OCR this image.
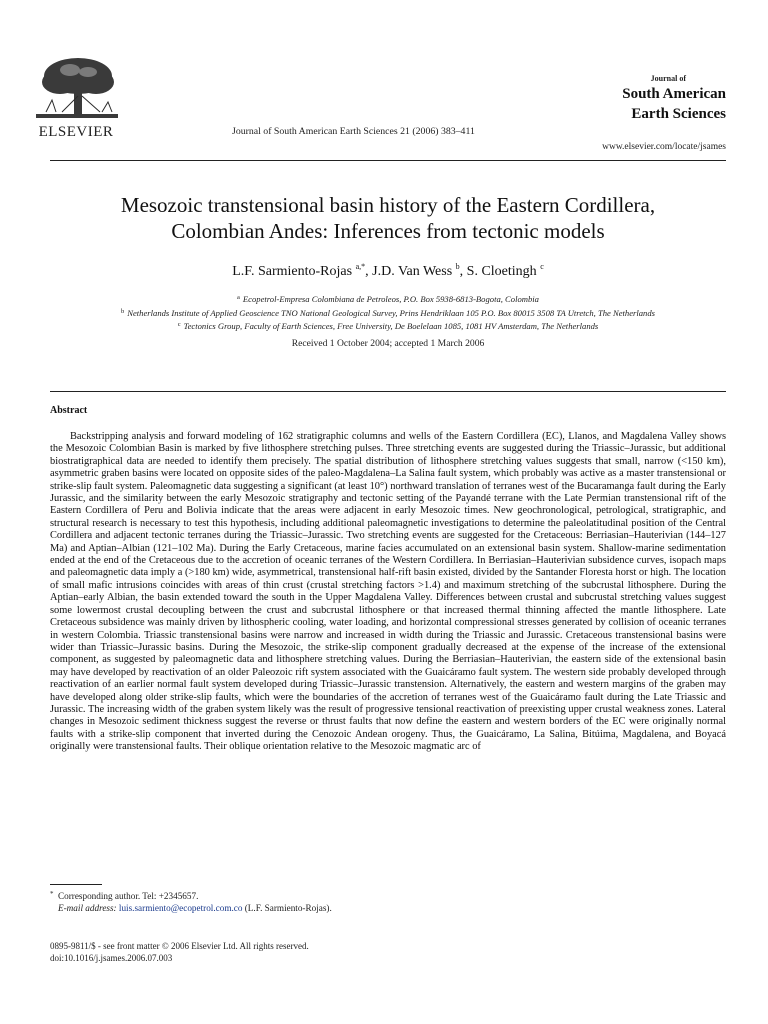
ELSEVIER	Journal of South American Earth Sciences 21 (2006) 383–411
Journal of
South American
Earth Sciences
www.elsevier.com/locate/jsames
Mesozoic transtensional basin history of the Eastern Cordillera,
Colombian Andes: Inferences from tectonic models
L.F. Sarmiento-Rojas $^{a,*}$, J.D. Van Wess $^b$, S. Cloetingh $^c$
$^a$ Ecopetrol-Empresa Colombiana de Petroleos, P.O. Box 5938-6813-Bogota, Colombia
$^b$ Netherlands Institute of Applied Geoscience TNO National Geological Survey, Prins Hendriklaan 105 P.O. Box 80015 3508 TA Utretch, The Netherlands
$^c$ Tectonics Group, Faculty of Earth Sciences, Free University, De Boelelaan 1085, 1081 HV Amsterdam, The Netherlands
Received 1 October 2004; accepted 1 March 2006
Abstract
Backstripping analysis and forward modeling of 162 stratigraphic columns and wells of the Eastern Cordillera (EC), Llanos, and Magdalena Valley shows the Mesozoic Colombian Basin is marked by five lithosphere stretching pulses. Three stretching events are suggested during the Triassic–Jurassic, but additional biostratigraphical data are needed to identify them precisely. The spatial distribution of lithosphere stretching values suggests that small, narrow (<150 km), asymmetric graben basins were located on opposite sides of the paleo-Magdalena–La Salina fault system, which probably was active as a master transtensional or strike-slip fault system. Paleomagnetic data suggesting a significant (at least 10°) northward translation of terranes west of the Bucaramanga fault during the Early Jurassic, and the similarity between the early Mesozoic stratigraphy and tectonic setting of the Payandé terrane with the Late Permian transtensional rift of the Eastern Cordillera of Peru and Bolivia indicate that the areas were adjacent in early Mesozoic times. New geochronological, petrological, stratigraphic, and structural research is necessary to test this hypothesis, including additional paleomagnetic investigations to determine the paleolatitudinal position of the Central Cordillera and adjacent tectonic terranes during the Triassic–Jurassic. Two stretching events are suggested for the Cretaceous: Berriasian–Hauterivian (144–127 Ma) and Aptian–Albian (121–102 Ma). During the Early Cretaceous, marine facies accumulated on an extensional basin system. Shallow-marine sedimentation ended at the end of the Cretaceous due to the accretion of oceanic terranes of the Western Cordillera. In Berriasian–Hauterivian subsidence curves, isopach maps and paleomagnetic data imply a (>180 km) wide, asymmetrical, transtensional half-rift basin existed, divided by the Santander Floresta horst or high. The location of small mafic intrusions coincides with areas of thin crust (crustal stretching factors >1.4) and maximum stretching of the subcrustal lithosphere. During the Aptian–early Albian, the basin extended toward the south in the Upper Magdalena Valley. Differences between crustal and subcrustal stretching values suggest some lowermost crustal decoupling between the crust and subcrustal lithosphere or that increased thermal thinning affected the mantle lithosphere. Late Cretaceous subsidence was mainly driven by lithospheric cooling, water loading, and horizontal compressional stresses generated by collision of oceanic terranes in western Colombia. Triassic transtensional basins were narrow and increased in width during the Triassic and Jurassic. Cretaceous transtensional basins were wider than Triassic–Jurassic basins. During the Mesozoic, the strike-slip component gradually decreased at the expense of the increase of the extensional component, as suggested by paleomagnetic data and lithosphere stretching values. During the Berriasian–Hauterivian, the eastern side of the extensional basin may have developed by reactivation of an older Paleozoic rift system associated with the Guaicáramo fault system. The western side probably developed through reactivation of an earlier normal fault system developed during Triassic–Jurassic transtension. Alternatively, the eastern and western margins of the graben may have developed along older strike-slip faults, which were the boundaries of the accretion of terranes west of the Guaicáramo fault during the Late Triassic and Jurassic. The increasing width of the graben system likely was the result of progressive tensional reactivation of preexisting upper crustal weakness zones. Lateral changes in Mesozoic sediment thickness suggest the reverse or thrust faults that now define the eastern and western borders of the EC were originally normal faults with a strike-slip component that inverted during the Cenozoic Andean orogeny. Thus, the Guaicáramo, La Salina, Bitúima, Magdalena, and Boyacá originally were transtensional faults. Their oblique orientation relative to the Mesozoic magmatic arc of
* Corresponding author. Tel: +2345657.
E-mail address: luis.sarmiento@ecopetrol.com.co (L.F. Sarmiento-Rojas).
0895-9811/$ - see front matter © 2006 Elsevier Ltd. All rights reserved.
doi:10.1016/j.jsames.2006.07.003
